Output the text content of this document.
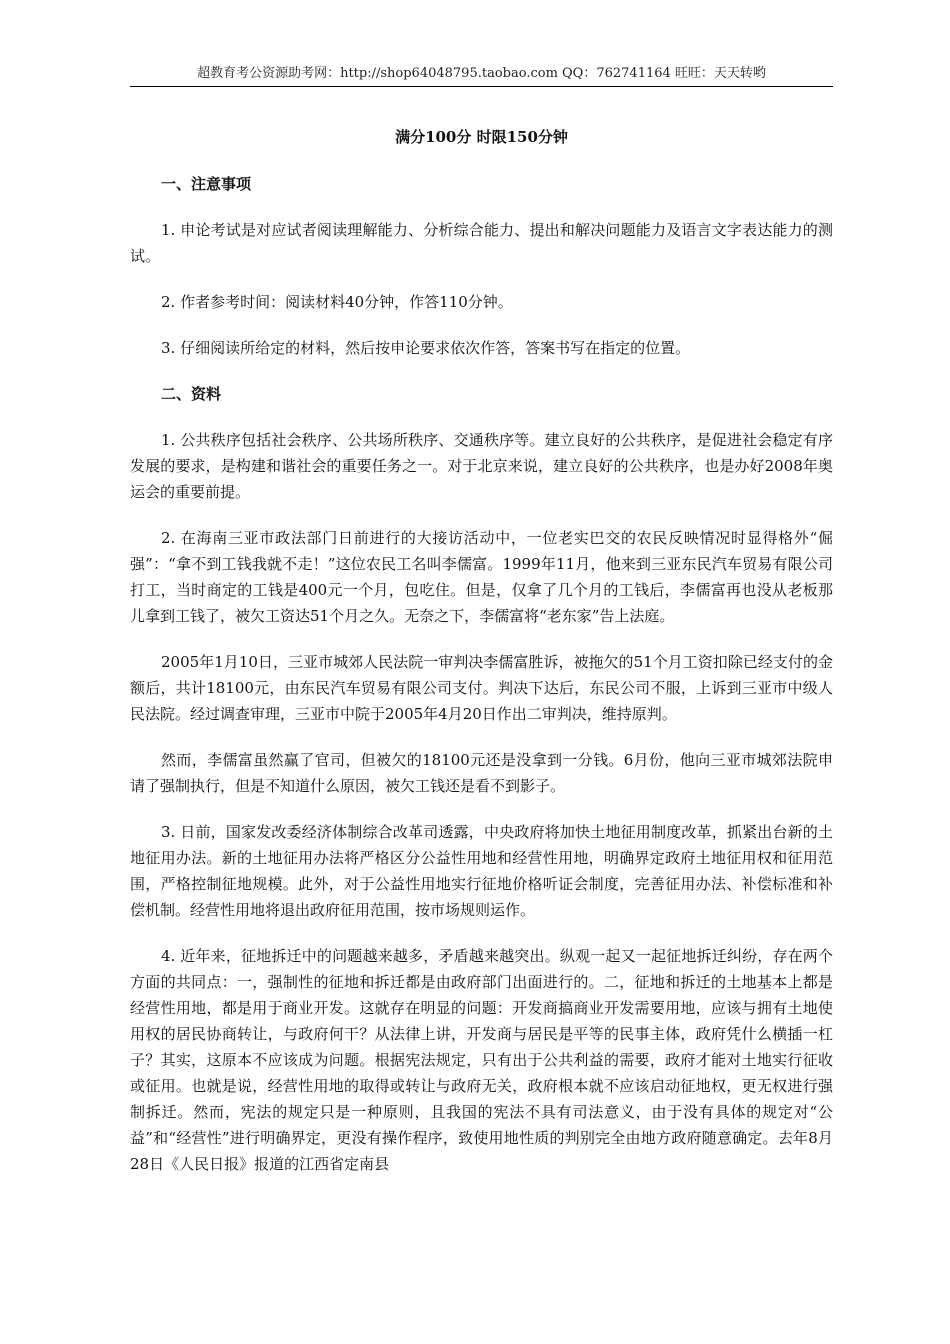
超教育考公资源助考网：http://shop64048795.taobao.com QQ：762741164 旺旺：天天转哟
满分100分 时限150分钟
一、注意事项

1. 申论考试是对应试者阅读理解能力、分析综合能力、提出和解决问题能力及语言文字表达能力的测试。

2. 作者参考时间：阅读材料40分钟，作答110分钟。

3. 仔细阅读所给定的材料，然后按申论要求依次作答，答案书写在指定的位置。

二、资料

1. 公共秩序包括社会秩序、公共场所秩序、交通秩序等。建立良好的公共秩序，是促进社会稳定有序发展的要求，是构建和谐社会的重要任务之一。对于北京来说，建立良好的公共秩序，也是办好2008年奥运会的重要前提。

2. 在海南三亚市政法部门日前进行的大接访活动中，一位老实巴交的农民反映情况时显得格外“倔强”：“拿不到工钱我就不走！”这位农民工名叫李儒富。1999年11月，他来到三亚东民汽车贸易有限公司打工，当时商定的工钱是400元一个月，包吃住。但是，仅拿了几个月的工钱后，李儒富再也没从老板那儿拿到工钱了，被欠工资达51个月之久。无奈之下，李儒富将“老东家”告上法庭。

2005年1月10日，三亚市城郊人民法院一审判决李儒富胜诉，被拖欠的51个月工资扣除已经支付的金额后，共计18100元，由东民汽车贸易有限公司支付。判决下达后，东民公司不服，上诉到三亚市中级人民法院。经过调查审理，三亚市中院于2005年4月20日作出二审判决，维持原判。

然而，李儒富虽然赢了官司，但被欠的18100元还是没拿到一分钱。6月份，他向三亚市城郊法院申请了强制执行，但是不知道什么原因，被欠工钱还是看不到影子。

3. 日前，国家发改委经济体制综合改革司透露，中央政府将加快土地征用制度改革，抓紧出台新的土地征用办法。新的土地征用办法将严格区分公益性用地和经营性用地，明确界定政府土地征用权和征用范围，严格控制征地规模。此外，对于公益性用地实行征地价格听证会制度，完善征用办法、补偿标准和补偿机制。经营性用地将退出政府征用范围，按市场规则运作。

4. 近年来，征地拆迁中的问题越来越多，矛盾越来越突出。纵观一起又一起征地拆迁纠纷，存在两个方面的共同点：一，强制性的征地和拆迁都是由政府部门出面进行的。二，征地和拆迁的土地基本上都是经营性用地，都是用于商业开发。这就存在明显的问题：开发商搞商业开发需要用地，应该与拥有土地使用权的居民协商转让，与政府何干？从法律上讲，开发商与居民是平等的民事主体，政府凭什么横插一杠子？其实，这原本不应该成为问题。根据宪法规定，只有出于公共利益的需要，政府才能对土地实行征收或征用。也就是说，经营性用地的取得或转让与政府无关，政府根本就不应该启动征地权，更无权进行强制拆迁。然而，宪法的规定只是一种原则，且我国的宪法不具有司法意义，由于没有具体的规定对“公益”和“经营性”进行明确界定，更没有操作程序，致使用地性质的判别完全由地方政府随意确定。去年8月28日《人民日报》报道的江西省定南县
